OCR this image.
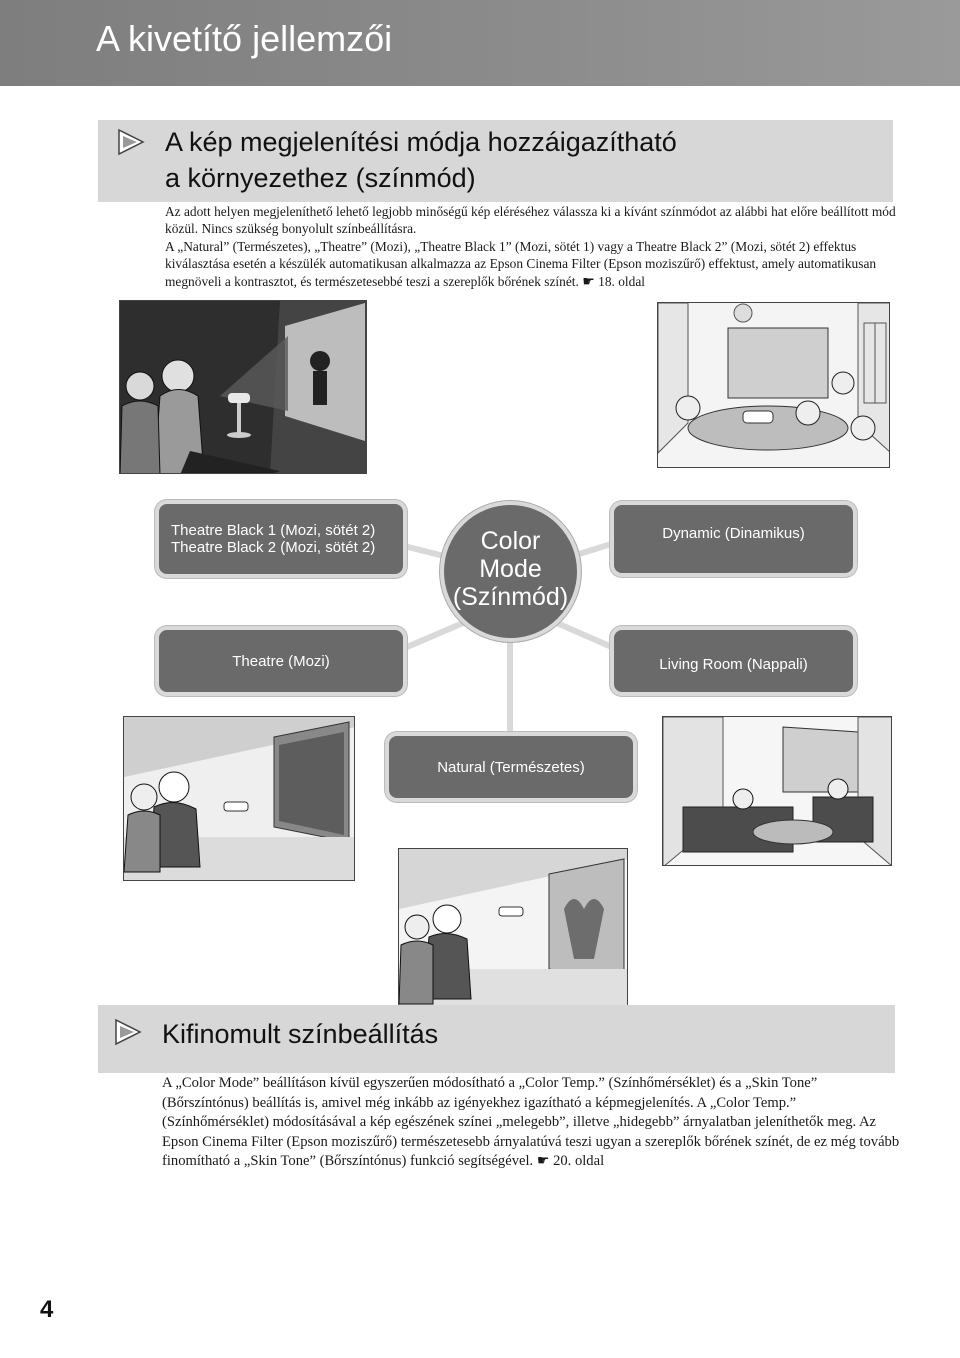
A kivetítő jellemzői
A kép megjelenítési módja hozzáigazítható
a környezethez (színmód)
Az adott helyen megjeleníthető lehető legjobb minőségű kép eléréséhez válassza ki a kívánt színmódot az alábbi hat előre beállított mód közül. Nincs szükség bonyolult színbeállításra.
A „Natural” (Természetes), „Theatre” (Mozi), „Theatre Black 1” (Mozi, sötét 1) vagy a Theatre Black 2” (Mozi, sötét 2) effektus kiválasztása esetén a készülék automatikusan alkalmazza az Epson Cinema Filter (Epson moziszűrő) effektust, amely automatikusan megnöveli a kontrasztot, és természetesebbé teszi a szereplők bőrének színét. ☛ 18. oldal
Theatre Black 1 (Mozi, sötét 2)
Theatre Black 2 (Mozi, sötét 2)
Dynamic (Dinamikus)
Theatre (Mozi)	Living Room (Nappali)
Natural (Természetes)
Color
Mode
(Színmód)
Kifinomult színbeállítás
A „Color Mode” beállításon kívül egyszerűen módosítható a „Color Temp.” (Színhőmérséklet) és a „Skin Tone” (Bőrszíntónus) beállítás is, amivel még inkább az igényekhez igazítható a képmegjelenítés. A „Color Temp.” (Színhőmérséklet) módosításával a kép egészének színei „melegebb”, illetve „hidegebb” árnyalatban jeleníthetők meg. Az Epson Cinema Filter (Epson moziszűrő) természetesebb árnyalatúvá teszi ugyan a szereplők bőrének színét, de ez még tovább finomítható a „Skin Tone” (Bőrszíntónus) funkció segítségével. ☛ 20. oldal
4
